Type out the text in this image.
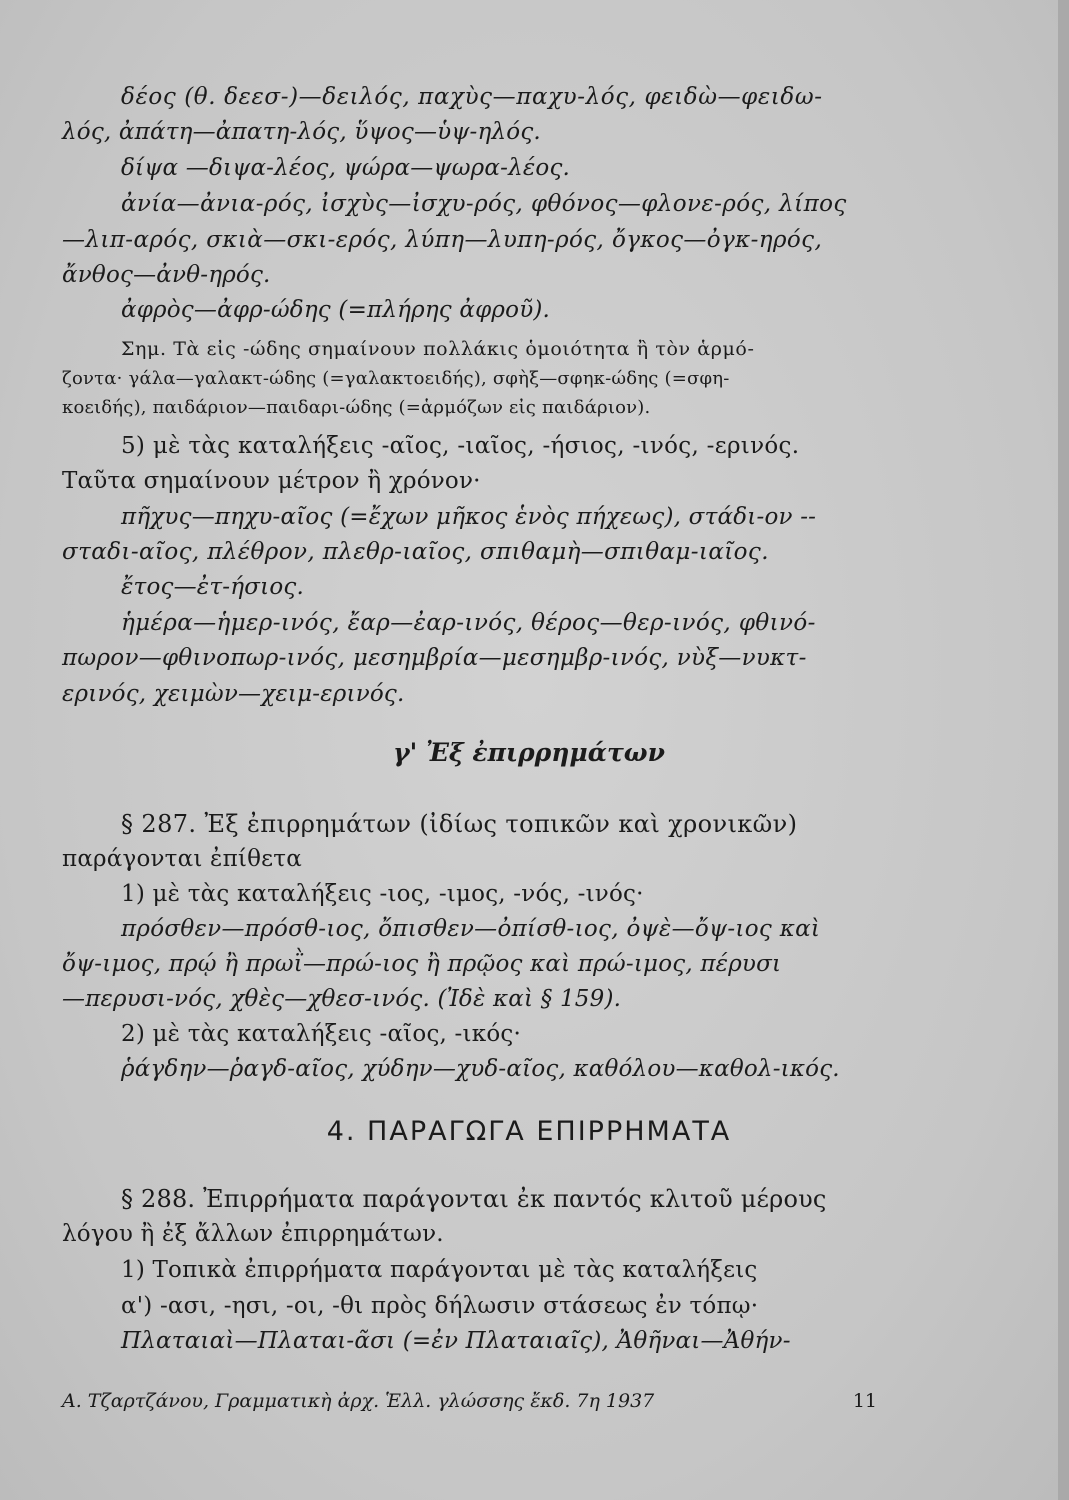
δέος (θ. δεεσ-)—δειλός, παχὺς—παχυ-λός, φειδὼ—φειδω-
λός, ἀπάτη—ἀπατη-λός, ὕψος—ὑψ-ηλός.
δίψα —διψα-λέος, ψώρα—ψωρα-λέος.
ἀνία—ἀνια-ρός, ἰσχὺς—ἰσχυ-ρός, φθόνος—φλονε-ρός, λίπος
—λιπ-αρός, σκιὰ—σκι-ερός, λύπη—λυπη-ρός, ὄγκος—ὀγκ-ηρός,
ἄνθος—ἀνθ-ηρός.
ἀφρὸς—ἀφρ-ώδης (=πλήρης ἀφροῦ).
Σημ. Τὰ εἰς -ώδης σημαίνουν πολλάκις ὁμοιότητα ἢ τὸν ἁρμό-
ζοντα· γάλα—γαλακτ-ώδης (=γαλακτοειδής), σφὴξ—σφηκ-ώδης (=σφη-
κοειδής), παιδάριον—παιδαρι-ώδης (=ἁρμόζων εἰς παιδάριον).
5) μὲ τὰς καταλήξεις -αῖος, -ιαῖος, -ήσιος, -ινός, -ερινός.
Ταῦτα σημαίνουν μέτρον ἢ χρόνον·
πῆχυς—πηχυ-αῖος (=ἔχων μῆκος ἑνὸς πήχεως), στάδι-ον --
σταδι-αῖος, πλέθρον, πλεθρ-ιαῖος, σπιθαμὴ—σπιθαμ-ιαῖος.
ἔτος—ἐτ-ήσιος.
ἡμέρα—ἡμερ-ινός, ἔαρ—ἐαρ-ινός, θέρος—θερ-ινός, φθινό-
πωρον—φθινοπωρ-ινός, μεσημβρία—μεσημβρ-ινός, νὺξ—νυκτ-
ερινός, χειμὼν—χειμ-ερινός.
γ' Ἐξ ἐπιρρημάτων
§ 287. Ἐξ ἐπιρρημάτων (ἰδίως τοπικῶν καὶ χρονικῶν)
παράγονται ἐπίθετα
1) μὲ τὰς καταλήξεις -ιος, -ιμος, -νός, -ινός·
πρόσθεν—πρόσθ-ιος, ὄπισθεν—ὀπίσθ-ιος, ὀψὲ—ὄψ-ιος καὶ
ὄψ-ιμος, πρῴ ἢ πρωῒ—πρώ-ιος ἢ πρῷος καὶ πρώ-ιμος, πέρυσι
—περυσι-νός, χθὲς—χθεσ-ινός. (Ἰδὲ καὶ § 159).
2) μὲ τὰς καταλήξεις -αῖος, -ικός·
ῥάγδην—ῥαγδ-αῖος, χύδην—χυδ-αῖος, καθόλου—καθολ-ικός.
4. ΠΑΡΑΓΩΓΑ ΕΠΙΡΡΗΜΑΤΑ
§ 288. Ἐπιρρήματα παράγονται ἐκ παντός κλιτοῦ μέρους
λόγου ἢ ἐξ ἄλλων ἐπιρρημάτων.
1) Τοπικὰ ἐπιρρήματα παράγονται μὲ τὰς καταλήξεις
α') -ασι, -ησι, -οι, -θι πρὸς δήλωσιν στάσεως ἐν τόπῳ·
Πλαταιαὶ—Πλαται-ᾶσι (=ἐν Πλαταιαῖς), Ἀθῆναι—Ἀθήν-
Α. Τζαρτζάνου, Γραμματικὴ ἀρχ. Ἑλλ. γλώσσης ἔκδ. 7η 1937	11
